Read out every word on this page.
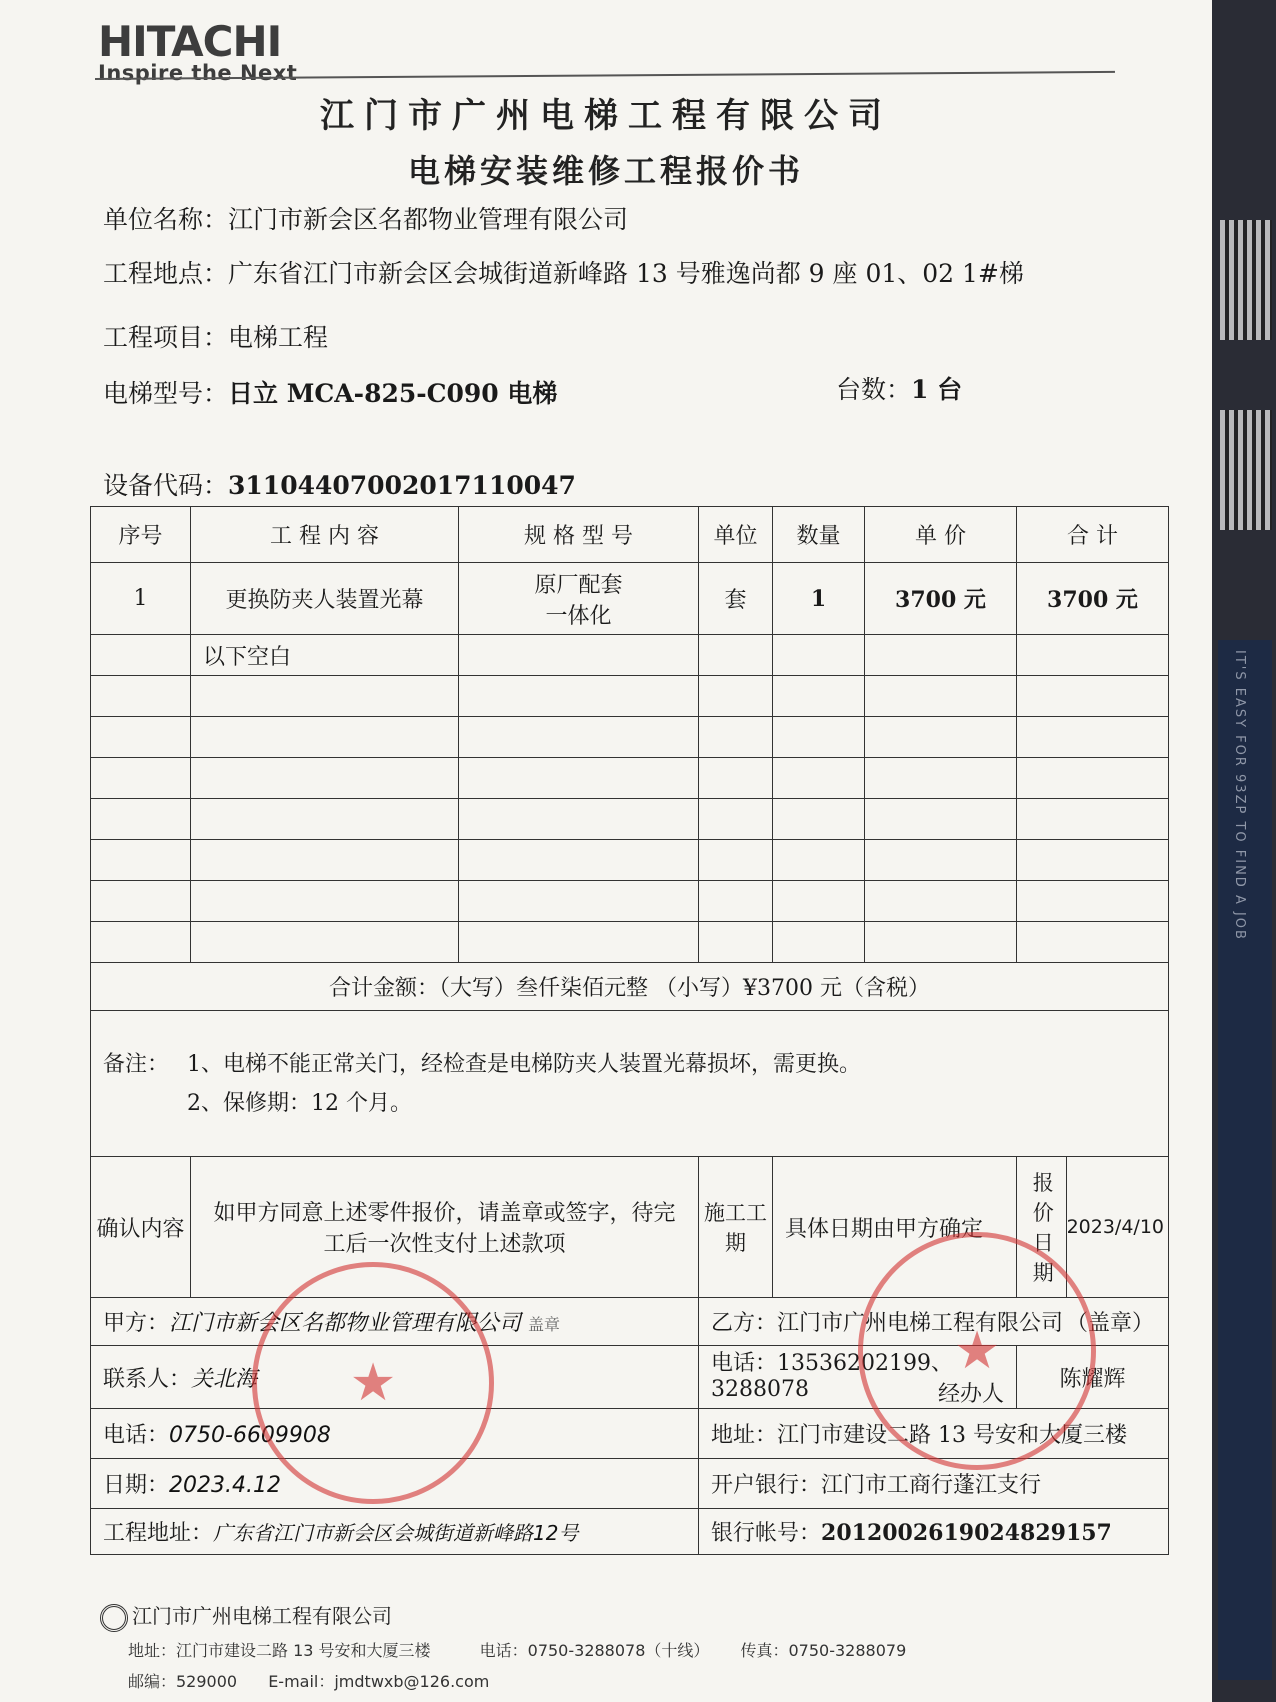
IT'S EASY FOR 93ZP TO FIND A JOB
HITACHI
Inspire the Next
江门市广州电梯工程有限公司
电梯安装维修工程报价书
单位名称：江门市新会区名都物业管理有限公司
工程地点：广东省江门市新会区会城街道新峰路 13 号雅逸尚都 9 座 01、02 1#梯
工程项目：电梯工程
电梯型号：日立 MCA-825-C090 电梯	台数：1 台
设备代码：31104407002017110047
序号	工 程 内 容	规 格 型 号	单位	数量	单 价	合 计
1	更换防夹人装置光幕	原厂配套
一体化	套	1	3700 元	3700 元
	以下空白					

合计金额：（大写）叁仟柒佰元整 （小写）¥3700 元（含税）						

备注： 1、电梯不能正常关门，经检查是电梯防夹人装置光幕损坏，需更换。
2、保修期：12 个月。						

确认内容	如甲方同意上述零件报价，请盖章或签字，待完工后一次性支付上述款项		施工工期	具体日期由甲方确定		报价日期
2023/4/10

甲方：江门市新会区名都物业管理有限公司 盖章			乙方：江门市广州电梯工程有限公司 （盖章）			

联系人：关北海			电话：13536202199、3288078 经办人			陈耀辉
电话：0750-6609908			地址：江门市建设二路 13 号安和大厦三楼			
日期：2023.4.12			开户银行：江门市工商行蓬江支行			
工程地址：广东省江门市新会区会城街道新峰路12号			银行帐号：2012002619024829157			
★
★
江门市广州电梯工程有限公司
地址：江门市建设二路 13 号安和大厦三楼	电话：0750-3288078（十线） 传真：0750-3288079
邮编：529000 E-mail：jmdtwxb@126.com
